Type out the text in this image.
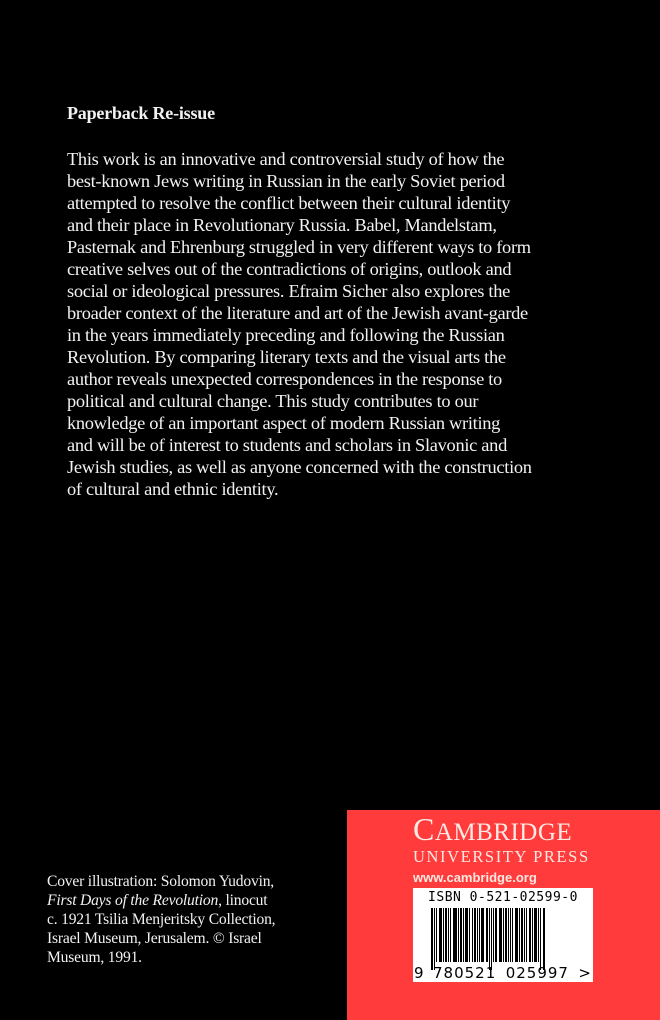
Paperback Re-issue
This work is an innovative and controversial study of how the
best-known Jews writing in Russian in the early Soviet period
attempted to resolve the conflict between their cultural identity
and their place in Revolutionary Russia. Babel, Mandelstam,
Pasternak and Ehrenburg struggled in very different ways to form
creative selves out of the contradictions of origins, outlook and
social or ideological pressures. Efraim Sicher also explores the
broader context of the literature and art of the Jewish avant-garde
in the years immediately preceding and following the Russian
Revolution. By comparing literary texts and the visual arts the
author reveals unexpected correspondences in the response to
political and cultural change. This study contributes to our
knowledge of an important aspect of modern Russian writing
and will be of interest to students and scholars in Slavonic and
Jewish studies, as well as anyone concerned with the construction
of cultural and ethnic identity.
Cover illustration: Solomon Yudovin,
First Days of the Revolution, linocut
c. 1921 Tsilia Menjeritsky Collection,
Israel Museum, Jerusalem. © Israel
Museum, 1991.
CAMBRIDGE
UNIVERSITY PRESS
www.cambridge.org
ISBN 0-521-02599-0
9 780521 025997 >
